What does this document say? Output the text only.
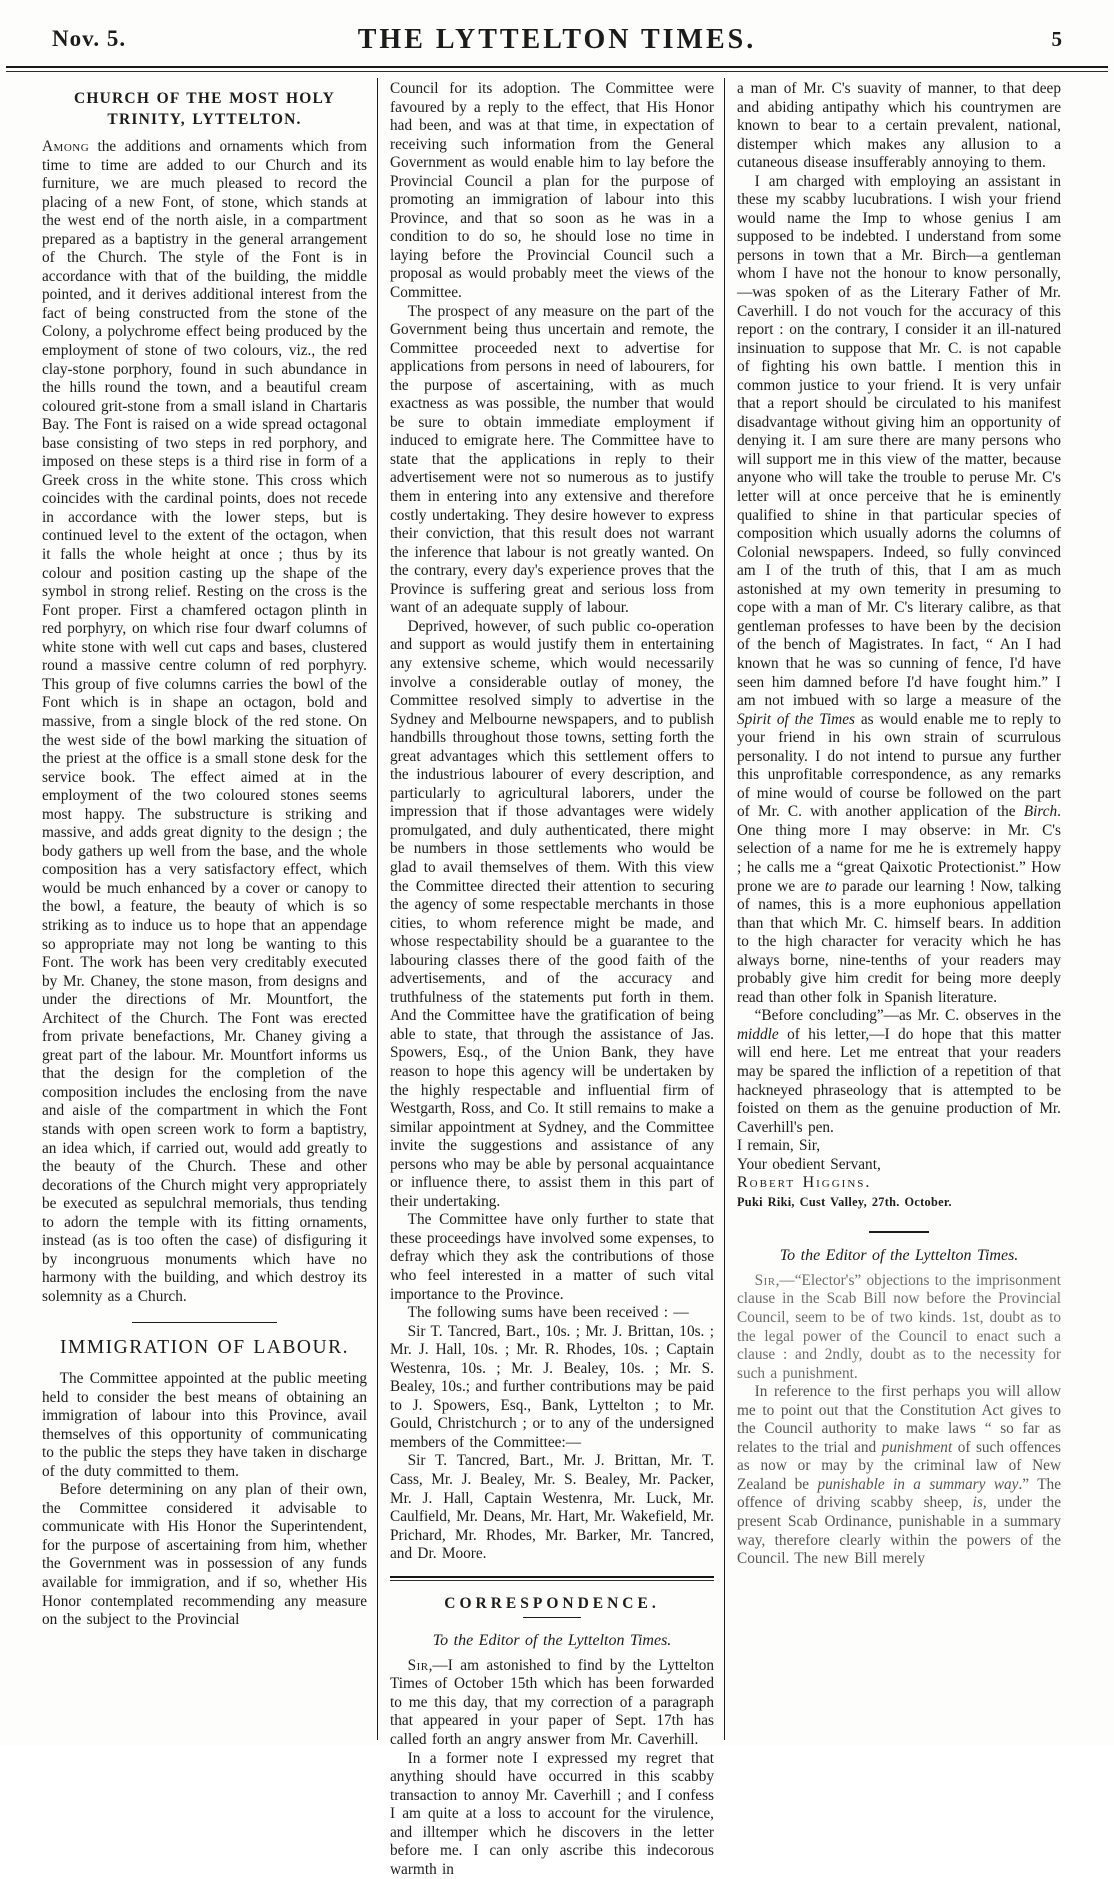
Nov. 5.	THE LYTTELTON TIMES.	5
CHURCH OF THE MOST HOLY TRINITY, LYTTELTON.

Among the additions and ornaments which from time to time are added to our Church and its furniture, we are much pleased to record the placing of a new Font, of stone, which stands at the west end of the north aisle, in a compartment prepared as a baptistry in the general arrangement of the Church. The style of the Font is in accordance with that of the building, the middle pointed, and it derives additional interest from the fact of being constructed from the stone of the Colony, a polychrome effect being produced by the employment of stone of two colours, viz., the red clay-stone porphory, found in such abundance in the hills round the town, and a beautiful cream coloured grit-stone from a small island in Chartaris Bay. The Font is raised on a wide spread octagonal base consisting of two steps in red porphory, and imposed on these steps is a third rise in form of a Greek cross in the white stone. This cross which coincides with the cardinal points, does not recede in accordance with the lower steps, but is continued level to the extent of the octagon, when it falls the whole height at once ; thus by its colour and position casting up the shape of the symbol in strong relief. Resting on the cross is the Font proper. First a chamfered octagon plinth in red porphyry, on which rise four dwarf columns of white stone with well cut caps and bases, clustered round a massive centre column of red porphyry. This group of five columns carries the bowl of the Font which is in shape an octagon, bold and massive, from a single block of the red stone. On the west side of the bowl marking the situation of the priest at the office is a small stone desk for the service book. The effect aimed at in the employment of the two coloured stones seems most happy. The substructure is striking and massive, and adds great dignity to the design ; the body gathers up well from the base, and the whole composition has a very satisfactory effect, which would be much enhanced by a cover or canopy to the bowl, a feature, the beauty of which is so striking as to induce us to hope that an appendage so appropriate may not long be wanting to this Font. The work has been very creditably executed by Mr. Chaney, the stone mason, from designs and under the directions of Mr. Mountfort, the Architect of the Church. The Font was erected from private benefactions, Mr. Chaney giving a great part of the labour. Mr. Mountfort informs us that the design for the completion of the composition includes the enclosing from the nave and aisle of the compartment in which the Font stands with open screen work to form a baptistry, an idea which, if carried out, would add greatly to the beauty of the Church. These and other decorations of the Church might very appropriately be executed as sepulchral memorials, thus tending to adorn the temple with its fitting ornaments, instead (as is too often the case) of disfiguring it by incongruous monuments which have no harmony with the building, and which destroy its solemnity as a Church.

IMMIGRATION OF LABOUR.

The Committee appointed at the public meeting held to consider the best means of obtaining an immigration of labour into this Province, avail themselves of this opportunity of communicating to the public the steps they have taken in discharge of the duty committed to them.

Before determining on any plan of their own, the Committee considered it advisable to communicate with His Honor the Superintendent, for the purpose of ascertaining from him, whether the Government was in possession of any funds available for immigration, and if so, whether His Honor contemplated recommending any measure on the subject to the Provincial

Council for its adoption. The Committee were favoured by a reply to the effect, that His Honor had been, and was at that time, in expectation of receiving such information from the General Government as would enable him to lay before the Provincial Council a plan for the purpose of promoting an immigration of labour into this Province, and that so soon as he was in a condition to do so, he should lose no time in laying before the Provincial Council such a proposal as would probably meet the views of the Committee.

The prospect of any measure on the part of the Government being thus uncertain and remote, the Committee proceeded next to advertise for applications from persons in need of labourers, for the purpose of ascertaining, with as much exactness as was possible, the number that would be sure to obtain immediate employment if induced to emigrate here. The Committee have to state that the applications in reply to their advertisement were not so numerous as to justify them in entering into any extensive and therefore costly undertaking. They desire however to express their conviction, that this result does not warrant the inference that labour is not greatly wanted. On the contrary, every day's experience proves that the Province is suffering great and serious loss from want of an adequate supply of labour.

Deprived, however, of such public co-operation and support as would justify them in entertaining any extensive scheme, which would necessarily involve a considerable outlay of money, the Committee resolved simply to advertise in the Sydney and Melbourne newspapers, and to publish handbills throughout those towns, setting forth the great advantages which this settlement offers to the industrious labourer of every description, and particularly to agricultural laborers, under the impression that if those advantages were widely promulgated, and duly authenticated, there might be numbers in those settlements who would be glad to avail themselves of them. With this view the Committee directed their attention to securing the agency of some respectable merchants in those cities, to whom reference might be made, and whose respectability should be a guarantee to the labouring classes there of the good faith of the advertisements, and of the accuracy and truthfulness of the statements put forth in them. And the Committee have the gratification of being able to state, that through the assistance of Jas. Spowers, Esq., of the Union Bank, they have reason to hope this agency will be undertaken by the highly respectable and influential firm of Westgarth, Ross, and Co. It still remains to make a similar appointment at Sydney, and the Committee invite the suggestions and assistance of any persons who may be able by personal acquaintance or influence there, to assist them in this part of their undertaking.

The Committee have only further to state that these proceedings have involved some expenses, to defray which they ask the contributions of those who feel interested in a matter of such vital importance to the Province.

The following sums have been received : —

Sir T. Tancred, Bart., 10s. ; Mr. J. Brittan, 10s. ; Mr. J. Hall, 10s. ; Mr. R. Rhodes, 10s. ; Captain Westenra, 10s. ; Mr. J. Bealey, 10s. ; Mr. S. Bealey, 10s.; and further contributions may be paid to J. Spowers, Esq., Bank, Lyttelton ; to Mr. Gould, Christchurch ; or to any of the undersigned members of the Committee:—

Sir T. Tancred, Bart., Mr. J. Brittan, Mr. T. Cass, Mr. J. Bealey, Mr. S. Bealey, Mr. Packer, Mr. J. Hall, Captain Westenra, Mr. Luck, Mr. Caulfield, Mr. Deans, Mr. Hart, Mr. Wakefield, Mr. Prichard, Mr. Rhodes, Mr. Barker, Mr. Tancred, and Dr. Moore.

CORRESPONDENCE.
To the Editor of the Lyttelton Times.

Sir,—I am astonished to find by the Lyttelton Times of October 15th which has been forwarded to me this day, that my correction of a paragraph that appeared in your paper of Sept. 17th has called forth an angry answer from Mr. Caverhill.

In a former note I expressed my regret that anything should have occurred in this scabby transaction to annoy Mr. Caverhill ; and I confess I am quite at a loss to account for the virulence, and illtemper which he discovers in the letter before me. I can only ascribe this indecorous warmth in

a man of Mr. C's suavity of manner, to that deep and abiding antipathy which his countrymen are known to bear to a certain prevalent, national, distemper which makes any allusion to a cutaneous disease insufferably annoying to them.

I am charged with employing an assistant in these my scabby lucubrations. I wish your friend would name the Imp to whose genius I am supposed to be indebted. I understand from some persons in town that a Mr. Birch—a gentleman whom I have not the honour to know personally,—was spoken of as the Literary Father of Mr. Caverhill. I do not vouch for the accuracy of this report : on the contrary, I consider it an ill-natured insinuation to suppose that Mr. C. is not capable of fighting his own battle. I mention this in common justice to your friend. It is very unfair that a report should be circulated to his manifest disadvantage without giving him an opportunity of denying it. I am sure there are many persons who will support me in this view of the matter, because anyone who will take the trouble to peruse Mr. C's letter will at once perceive that he is eminently qualified to shine in that particular species of composition which usually adorns the columns of Colonial newspapers. Indeed, so fully convinced am I of the truth of this, that I am as much astonished at my own temerity in presuming to cope with a man of Mr. C's literary calibre, as that gentleman professes to have been by the decision of the bench of Magistrates. In fact, “ An I had known that he was so cunning of fence, I'd have seen him damned before I'd have fought him.” I am not imbued with so large a measure of the Spirit of the Times as would enable me to reply to your friend in his own strain of scurrulous personality. I do not intend to pursue any further this unprofitable correspondence, as any remarks of mine would of course be followed on the part of Mr. C. with another application of the Birch. One thing more I may observe: in Mr. C's selection of a name for me he is extremely happy ; he calls me a “great Qaixotic Protectionist.” How prone we are to parade our learning ! Now, talking of names, this is a more euphonious appellation than that which Mr. C. himself bears. In addition to the high character for veracity which he has always borne, nine-tenths of your readers may probably give him credit for being more deeply read than other folk in Spanish literature.

“Before concluding”—as Mr. C. observes in the middle of his letter,—I do hope that this matter will end here. Let me entreat that your readers may be spared the infliction of a repetition of that hackneyed phraseology that is attempted to be foisted on them as the genuine production of Mr. Caverhill's pen.

I remain, Sir,

Your obedient Servant,

Robert Higgins.

Puki Riki, Cust Valley, 27th. October.

To the Editor of the Lyttelton Times.

Sir,—“Elector's” objections to the imprisonment clause in the Scab Bill now before the Provincial Council, seem to be of two kinds. 1st, doubt as to the legal power of the Council to enact such a clause : and 2ndly, doubt as to the necessity for such a punishment.

In reference to the first perhaps you will allow me to point out that the Constitution Act gives to the Council authority to make laws “ so far as relates to the trial and punishment of such offences as now or may by the criminal law of New Zealand be punishable in a summary way.” The offence of driving scabby sheep, is, under the present Scab Ordinance, punishable in a summary way, therefore clearly within the powers of the Council. The new Bill merely
